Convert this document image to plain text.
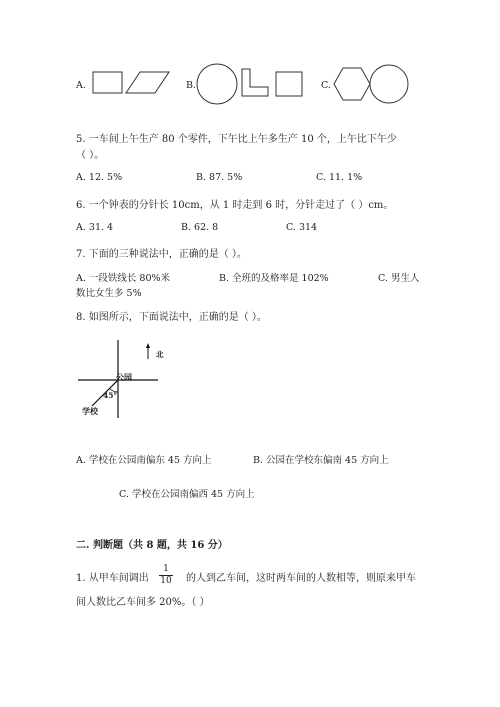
A.	B.	C.
5. 一车间上午生产 80 个零件，下午比上午多生产 10 个，上午比下午少
（ ）。
A. 12. 5%	B. 87. 5%	C. 11. 1%
6. 一个钟表的分针长 10cm，从 1 时走到 6 时，分针走过了（ ）cm。
A. 31. 4	B. 62. 8	C. 314
7. 下面的三种说法中，正确的是（ ）。
A. 一段铁线长 80%米	B. 全班的及格率是 102%	C. 男生人
数比女生多 5%
8. 如图所示，下面说法中，正确的是（ ）。
北
公园
45°
学校
A. 学校在公园南偏东 45 方向上	B. 公园在学校东偏南 45 方向上
C. 学校在公园南偏西 45 方向上
二. 判断题（共 8 题，共 16 分）
1. 从甲车间调出
1
10 的人到乙车间，这时两车间的人数相等，则原来甲车
间人数比乙车间多 20%。（ ）
